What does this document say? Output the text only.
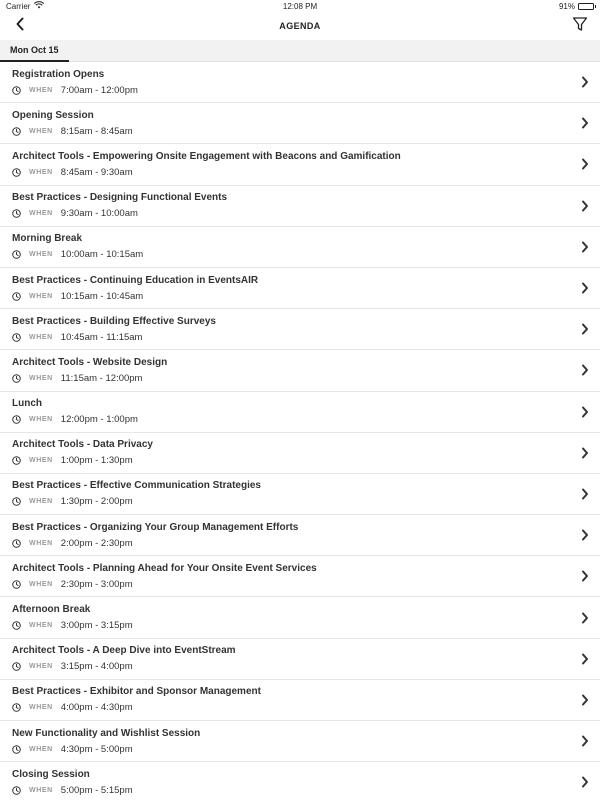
Carrier	12:08 PM	91%
AGENDA
Mon Oct 15
Registration Opens
WHEN 7:00am - 12:00pm
Opening Session
WHEN 8:15am - 8:45am
Architect Tools - Empowering Onsite Engagement with Beacons and Gamification
WHEN 8:45am - 9:30am
Best Practices - Designing Functional Events
WHEN 9:30am - 10:00am
Morning Break
WHEN 10:00am - 10:15am
Best Practices - Continuing Education in EventsAIR
WHEN 10:15am - 10:45am
Best Practices - Building Effective Surveys
WHEN 10:45am - 11:15am
Architect Tools - Website Design
WHEN 11:15am - 12:00pm
Lunch
WHEN 12:00pm - 1:00pm
Architect Tools - Data Privacy
WHEN 1:00pm - 1:30pm
Best Practices - Effective Communication Strategies
WHEN 1:30pm - 2:00pm
Best Practices - Organizing Your Group Management Efforts
WHEN 2:00pm - 2:30pm
Architect Tools - Planning Ahead for Your Onsite Event Services
WHEN 2:30pm - 3:00pm
Afternoon Break
WHEN 3:00pm - 3:15pm
Architect Tools - A Deep Dive into EventStream
WHEN 3:15pm - 4:00pm
Best Practices - Exhibitor and Sponsor Management
WHEN 4:00pm - 4:30pm
New Functionality and Wishlist Session
WHEN 4:30pm - 5:00pm
Closing Session
WHEN 5:00pm - 5:15pm
